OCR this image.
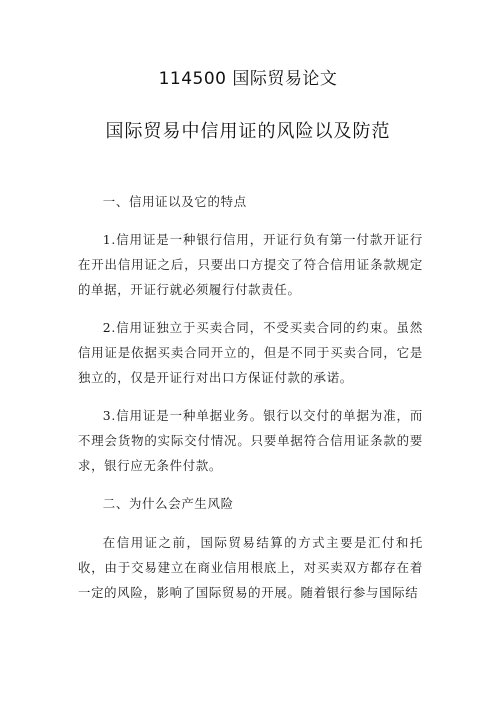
114500 国际贸易论文
国际贸易中信用证的风险以及防范
一、信用证以及它的特点
1.信用证是一种银行信用，开证行负有第一付款开证行在开出信用证之后，只要出口方提交了符合信用证条款规定的单据，开证行就必须履行付款责任。
2.信用证独立于买卖合同，不受买卖合同的约束。虽然信用证是依据买卖合同开立的，但是不同于买卖合同，它是独立的，仅是开证行对出口方保证付款的承诺。
3.信用证是一种单据业务。银行以交付的单据为准，而不理会货物的实际交付情况。只要单据符合信用证条款的要求，银行应无条件付款。
二、为什么会产生风险
在信用证之前，国际贸易结算的方式主要是汇付和托收，由于交易建立在商业信用根底上，对买卖双方都存在着一定的风险，影响了国际贸易的开展。随着银行参与国际结
